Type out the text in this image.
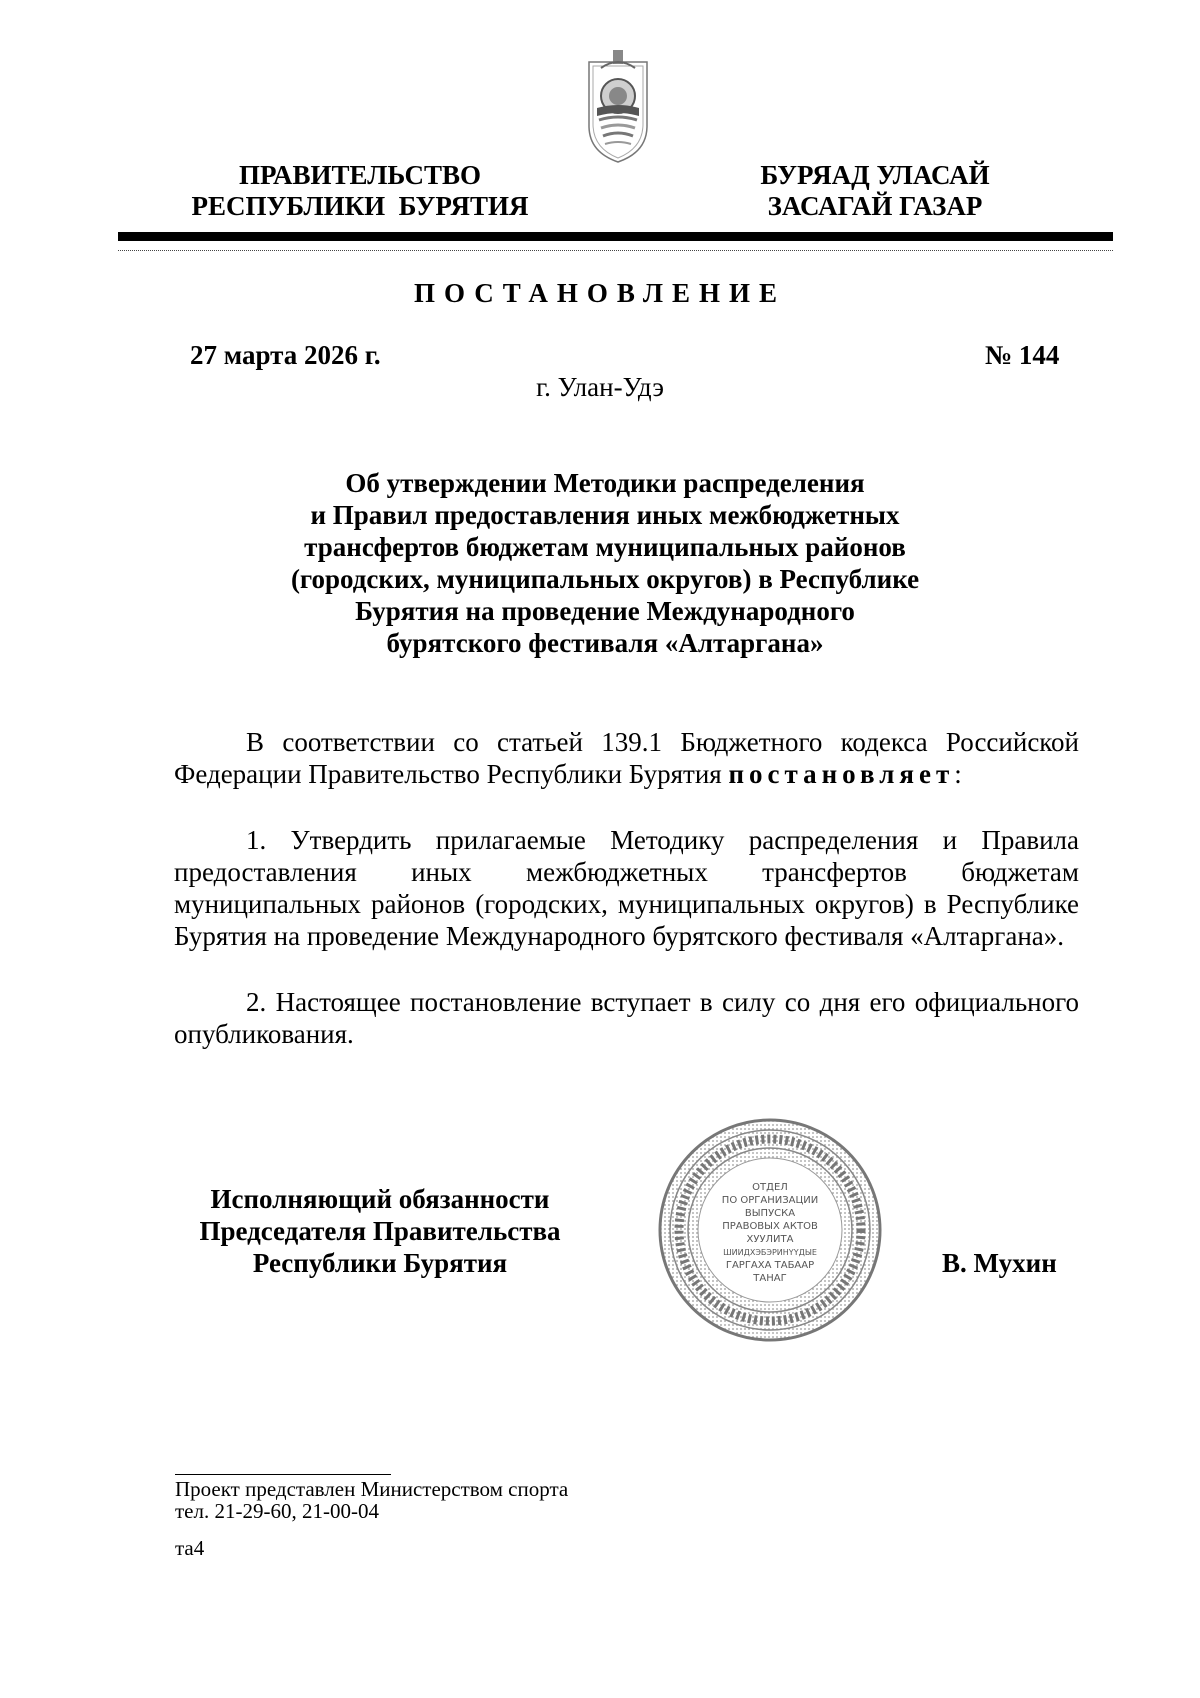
ПРАВИТЕЛЬСТВО
РЕСПУБЛИКИ  БУРЯТИЯ
БУРЯАД УЛАСАЙ
ЗАСАГАЙ ГАЗАР
ПОСТАНОВЛЕНИЕ
27 марта 2026 г.	№ 144
г. Улан-Удэ
Об утверждении Методики распределения
и Правил предоставления иных межбюджетных
трансфертов бюджетам муниципальных районов
(городских, муниципальных округов) в Республике
Бурятия на проведение Международного
бурятского фестиваля «Алтаргана»
В соответствии со статьей 139.1 Бюджетного кодекса Российской Федерации Правительство Республики Бурятия постановляет:
1. Утвердить прилагаемые Методику распределения и Правила предоставления иных межбюджетных трансфертов бюджетам муниципальных районов (городских, муниципальных округов) в Республике Бурятия на проведение Международного бурятского фестиваля «Алтаргана».
2. Настоящее постановление вступает в силу со дня его официального опубликования.
Исполняющий обязанности
Председателя Правительства
Республики Бурятия
ОТДЕЛ
ПО ОРГАНИЗАЦИИ
ВЫПУСКА
ПРАВОВЫХ АКТОВ
ХУУЛИТА
ШИИДХЭБЭРИНҮҮДЫЕ
ГАРГАХА ТАБААР
ТАНАГ
В. Мухин
Проект представлен Министерством спорта
тел. 21-29-60, 21-00-04
та4
